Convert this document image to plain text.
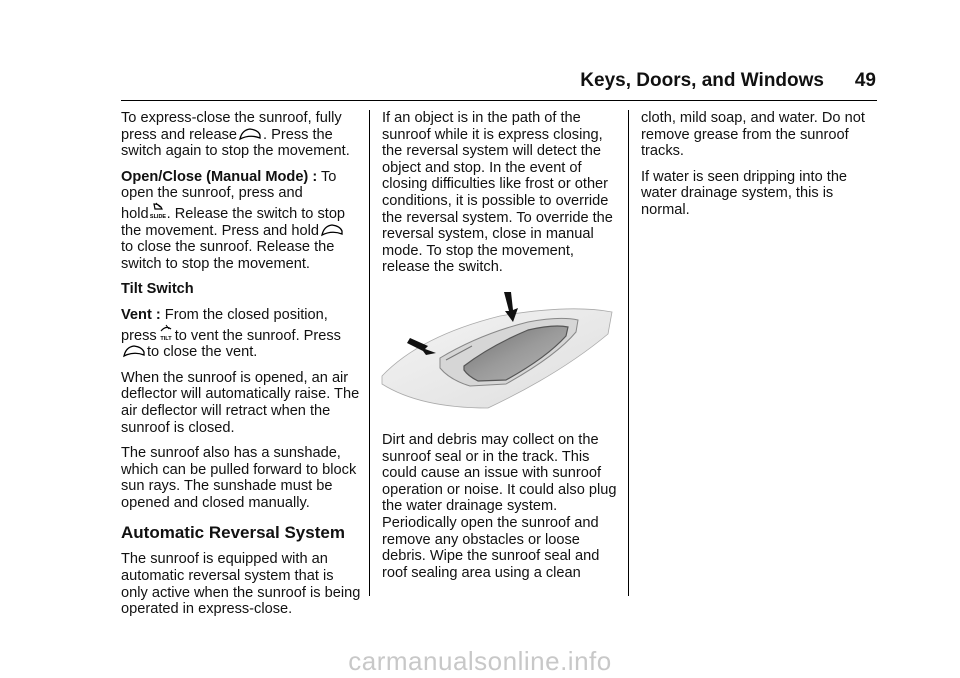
Keys, Doors, and Windows 49

To express-close the sunroof, fully
press and release . Press the
switch again to stop the movement.

Open/Close (Manual Mode) : To open the sunroof, press and
hold SLIDE . Release the switch to stop
the movement. Press and hold

to close the sunroof. Release the switch to stop the movement.

Tilt Switch

Vent : From the closed position,
press TILT to vent the sunroof. Press

to close the vent.

When the sunroof is opened, an air deflector will automatically raise. The air deflector will retract when the sunroof is closed.

The sunroof also has a sunshade, which can be pulled forward to block sun rays. The sunshade must be opened and closed manually.

Automatic Reversal System

The sunroof is equipped with an automatic reversal system that is only active when the sunroof is being operated in express-close.

If an object is in the path of the sunroof while it is express closing, the reversal system will detect the object and stop. In the event of closing difficulties like frost or other conditions, it is possible to override the reversal system. To override the reversal system, close in manual mode. To stop the movement, release the switch.

Dirt and debris may collect on the sunroof seal or in the track. This could cause an issue with sunroof operation or noise. It could also plug the water drainage system. Periodically open the sunroof and remove any obstacles or loose debris. Wipe the sunroof seal and roof sealing area using a clean

cloth, mild soap, and water. Do not remove grease from the sunroof tracks.

If water is seen dripping into the water drainage system, this is normal.

carmanualsonline.info
